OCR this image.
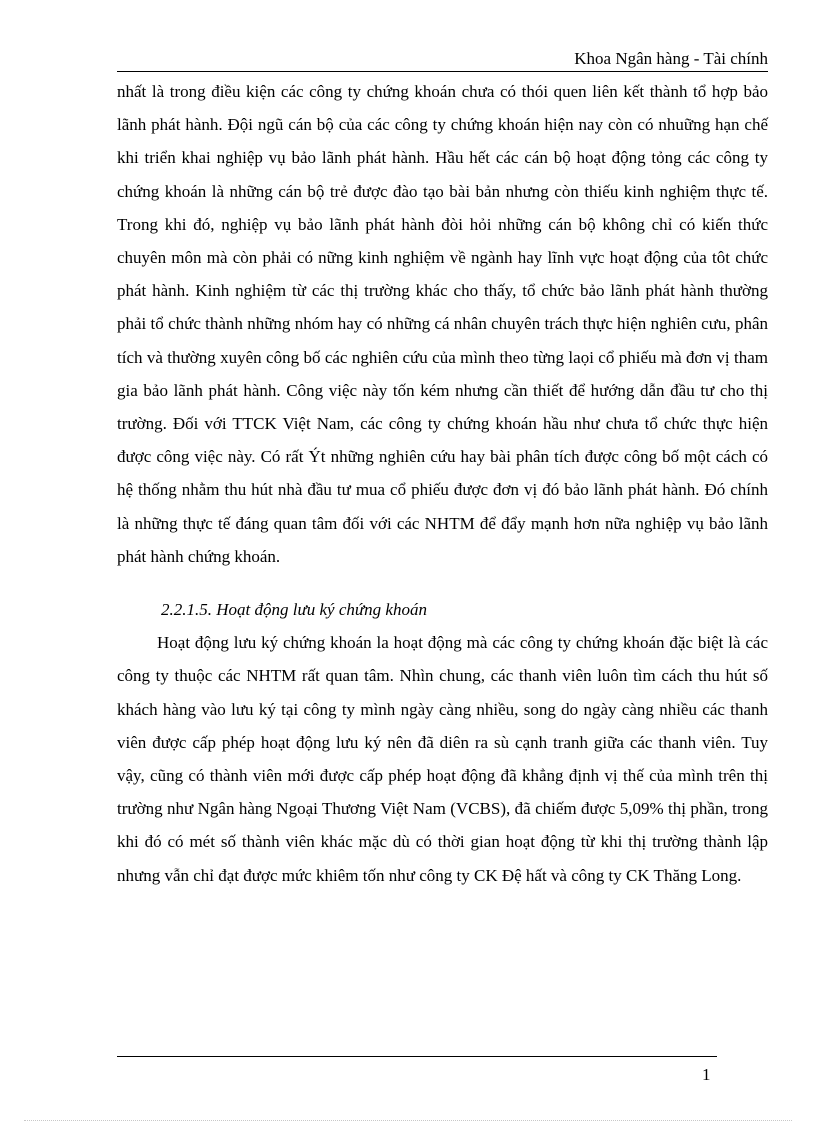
Khoa Ngân hàng - Tài chính

nhất là trong điều kiện các công ty chứng khoán chưa có thói quen liên kết thành tổ hợp bảo lãnh phát hành. Đội ngũ cán bộ của các công ty chứng khoán hiện nay còn có nhuững hạn chế khi triển khai nghiệp vụ bảo lãnh phát hành. Hầu hết các cán bộ hoạt động tỏng các công ty chứng khoán là những cán bộ trẻ được đào tạo bài bản nhưng còn thiếu kinh nghiệm thực tế. Trong khi đó, nghiệp vụ bảo lãnh phát hành đòi hỏi những cán bộ không chỉ có kiến thức chuyên môn mà còn phải có nững kinh nghiệm về ngành hay lĩnh vực hoạt động của tôt chức phát hành. Kinh nghiệm từ các thị trường khác cho thấy, tổ chức bảo lãnh phát hành thường phải tổ chức thành những nhóm hay có những cá nhân chuyên trách thực hiện nghiên cưu, phân tích và thường xuyên công bố các nghiên cứu của mình theo từng laọi cổ phiếu mà đơn vị tham gia bảo lãnh phát hành. Công việc này tốn kém nhưng cần thiết để hướng dẫn đầu tư cho thị trường. Đối với TTCK Việt Nam, các công ty chứng khoán hầu như chưa tổ chức thực hiện được công việc này. Có rất Ýt những nghiên cứu hay bài phân tích được công bố một cách có hệ thống nhằm thu hút nhà đầu tư mua cổ phiếu được đơn vị đó bảo lãnh phát hành. Đó chính là những thực tế đáng quan tâm đối với các NHTM để đẩy mạnh hơn nữa nghiệp vụ bảo lãnh phát hành chứng khoán.

2.2.1.5. Hoạt động lưu ký chứng khoán

Hoạt động lưu ký chứng khoán la hoạt động mà các công ty chứng khoán đặc biệt là các công ty thuộc các NHTM rất quan tâm. Nhìn chung, các thanh viên luôn tìm cách thu hút số khách hàng vào lưu ký tại công ty mình ngày càng nhiều, song do ngày càng nhiều các thanh viên được cấp phép hoạt động lưu ký nên đã diên ra sù cạnh tranh giữa các thanh viên. Tuy vậy, cũng có thành viên mới được cấp phép hoạt động đã khẳng định vị thế của mình trên thị trường như Ngân hàng Ngoại Thương Việt Nam (VCBS), đã chiếm được 5,09% thị phần, trong khi đó có mét số thành viên khác mặc dù có thời gian hoạt động từ khi thị trường thành lập nhưng vẫn chỉ đạt được mức khiêm tốn như công ty CK Đệ hất và công ty CK Thăng Long.

1
